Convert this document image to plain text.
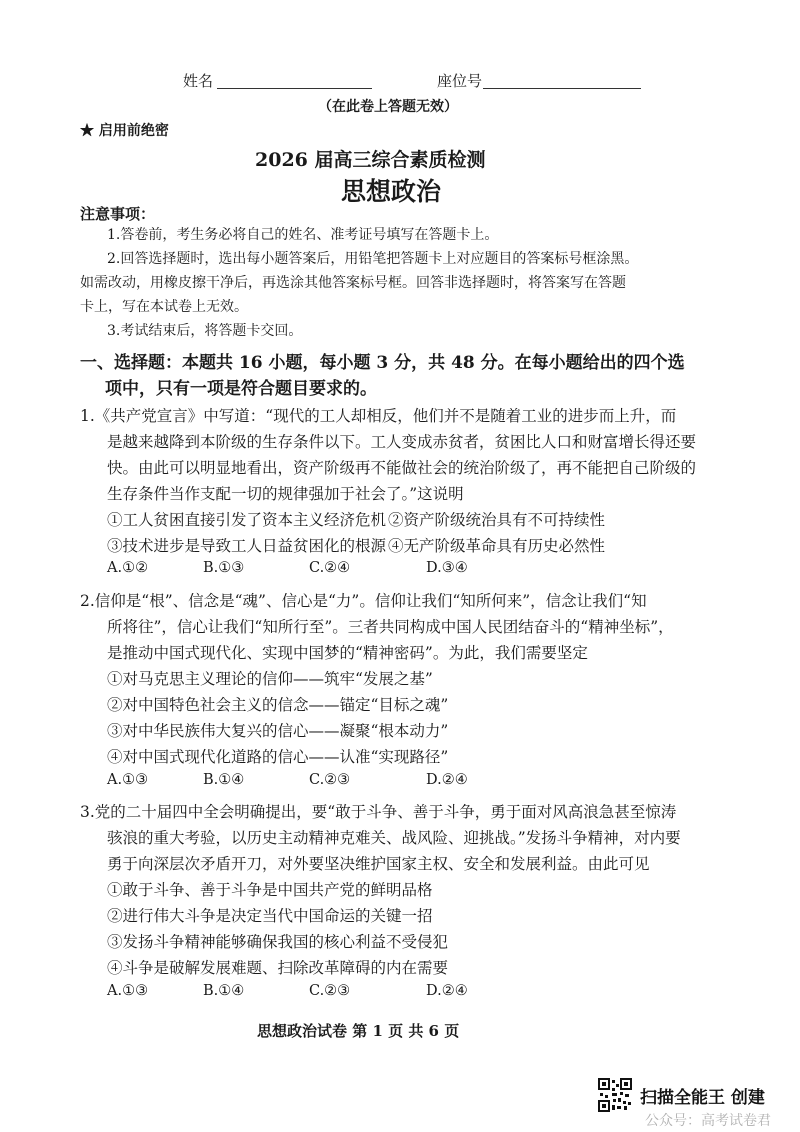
姓名	座位号
（在此卷上答题无效）
★ 启用前绝密
2026 届高三综合素质检测
思想政治
注意事项：
1.答卷前，考生务必将自己的姓名、准考证号填写在答题卡上。
2.回答选择题时，选出每小题答案后，用铅笔把答题卡上对应题目的答案标号框涂黑。
如需改动，用橡皮擦干净后，再选涂其他答案标号框。回答非选择题时，将答案写在答题
卡上，写在本试卷上无效。
3.考试结束后，将答题卡交回。
一、选择题：本题共 16 小题，每小题 3 分，共 48 分。在每小题给出的四个选
项中，只有一项是符合题目要求的。
1.《共产党宣言》中写道：“现代的工人却相反，他们并不是随着工业的进步而上升，而
是越来越降到本阶级的生存条件以下。工人变成赤贫者，贫困比人口和财富增长得还要
快。由此可以明显地看出，资产阶级再不能做社会的统治阶级了，再不能把自己阶级的
生存条件当作支配一切的规律强加于社会了。”这说明
①工人贫困直接引发了资本主义经济危机 ②资产阶级统治具有不可持续性
③技术进步是导致工人日益贫困化的根源 ④无产阶级革命具有历史必然性
A.①②	B.①③	C.②④	D.③④
2.信仰是“根”、信念是“魂”、信心是“力”。信仰让我们“知所何来”，信念让我们“知
所将往”，信心让我们“知所行至”。三者共同构成中国人民团结奋斗的“精神坐标”，
是推动中国式现代化、实现中国梦的“精神密码”。为此，我们需要坚定
①对马克思主义理论的信仰——筑牢“发展之基”
②对中国特色社会主义的信念——锚定“目标之魂”
③对中华民族伟大复兴的信心——凝聚“根本动力”
④对中国式现代化道路的信心——认准“实现路径”
A.①③	B.①④	C.②③	D.②④
3.党的二十届四中全会明确提出，要“敢于斗争、善于斗争，勇于面对风高浪急甚至惊涛
骇浪的重大考验，以历史主动精神克难关、战风险、迎挑战。”发扬斗争精神，对内要
勇于向深层次矛盾开刀，对外要坚决维护国家主权、安全和发展利益。由此可见
①敢于斗争、善于斗争是中国共产党的鲜明品格
②进行伟大斗争是决定当代中国命运的关键一招
③发扬斗争精神能够确保我国的核心利益不受侵犯
④斗争是破解发展难题、扫除改革障碍的内在需要
A.①③	B.①④	C.②③	D.②④
思想政治试卷 第 1 页 共 6 页
扫描全能王 创建
公众号：高考试卷君
